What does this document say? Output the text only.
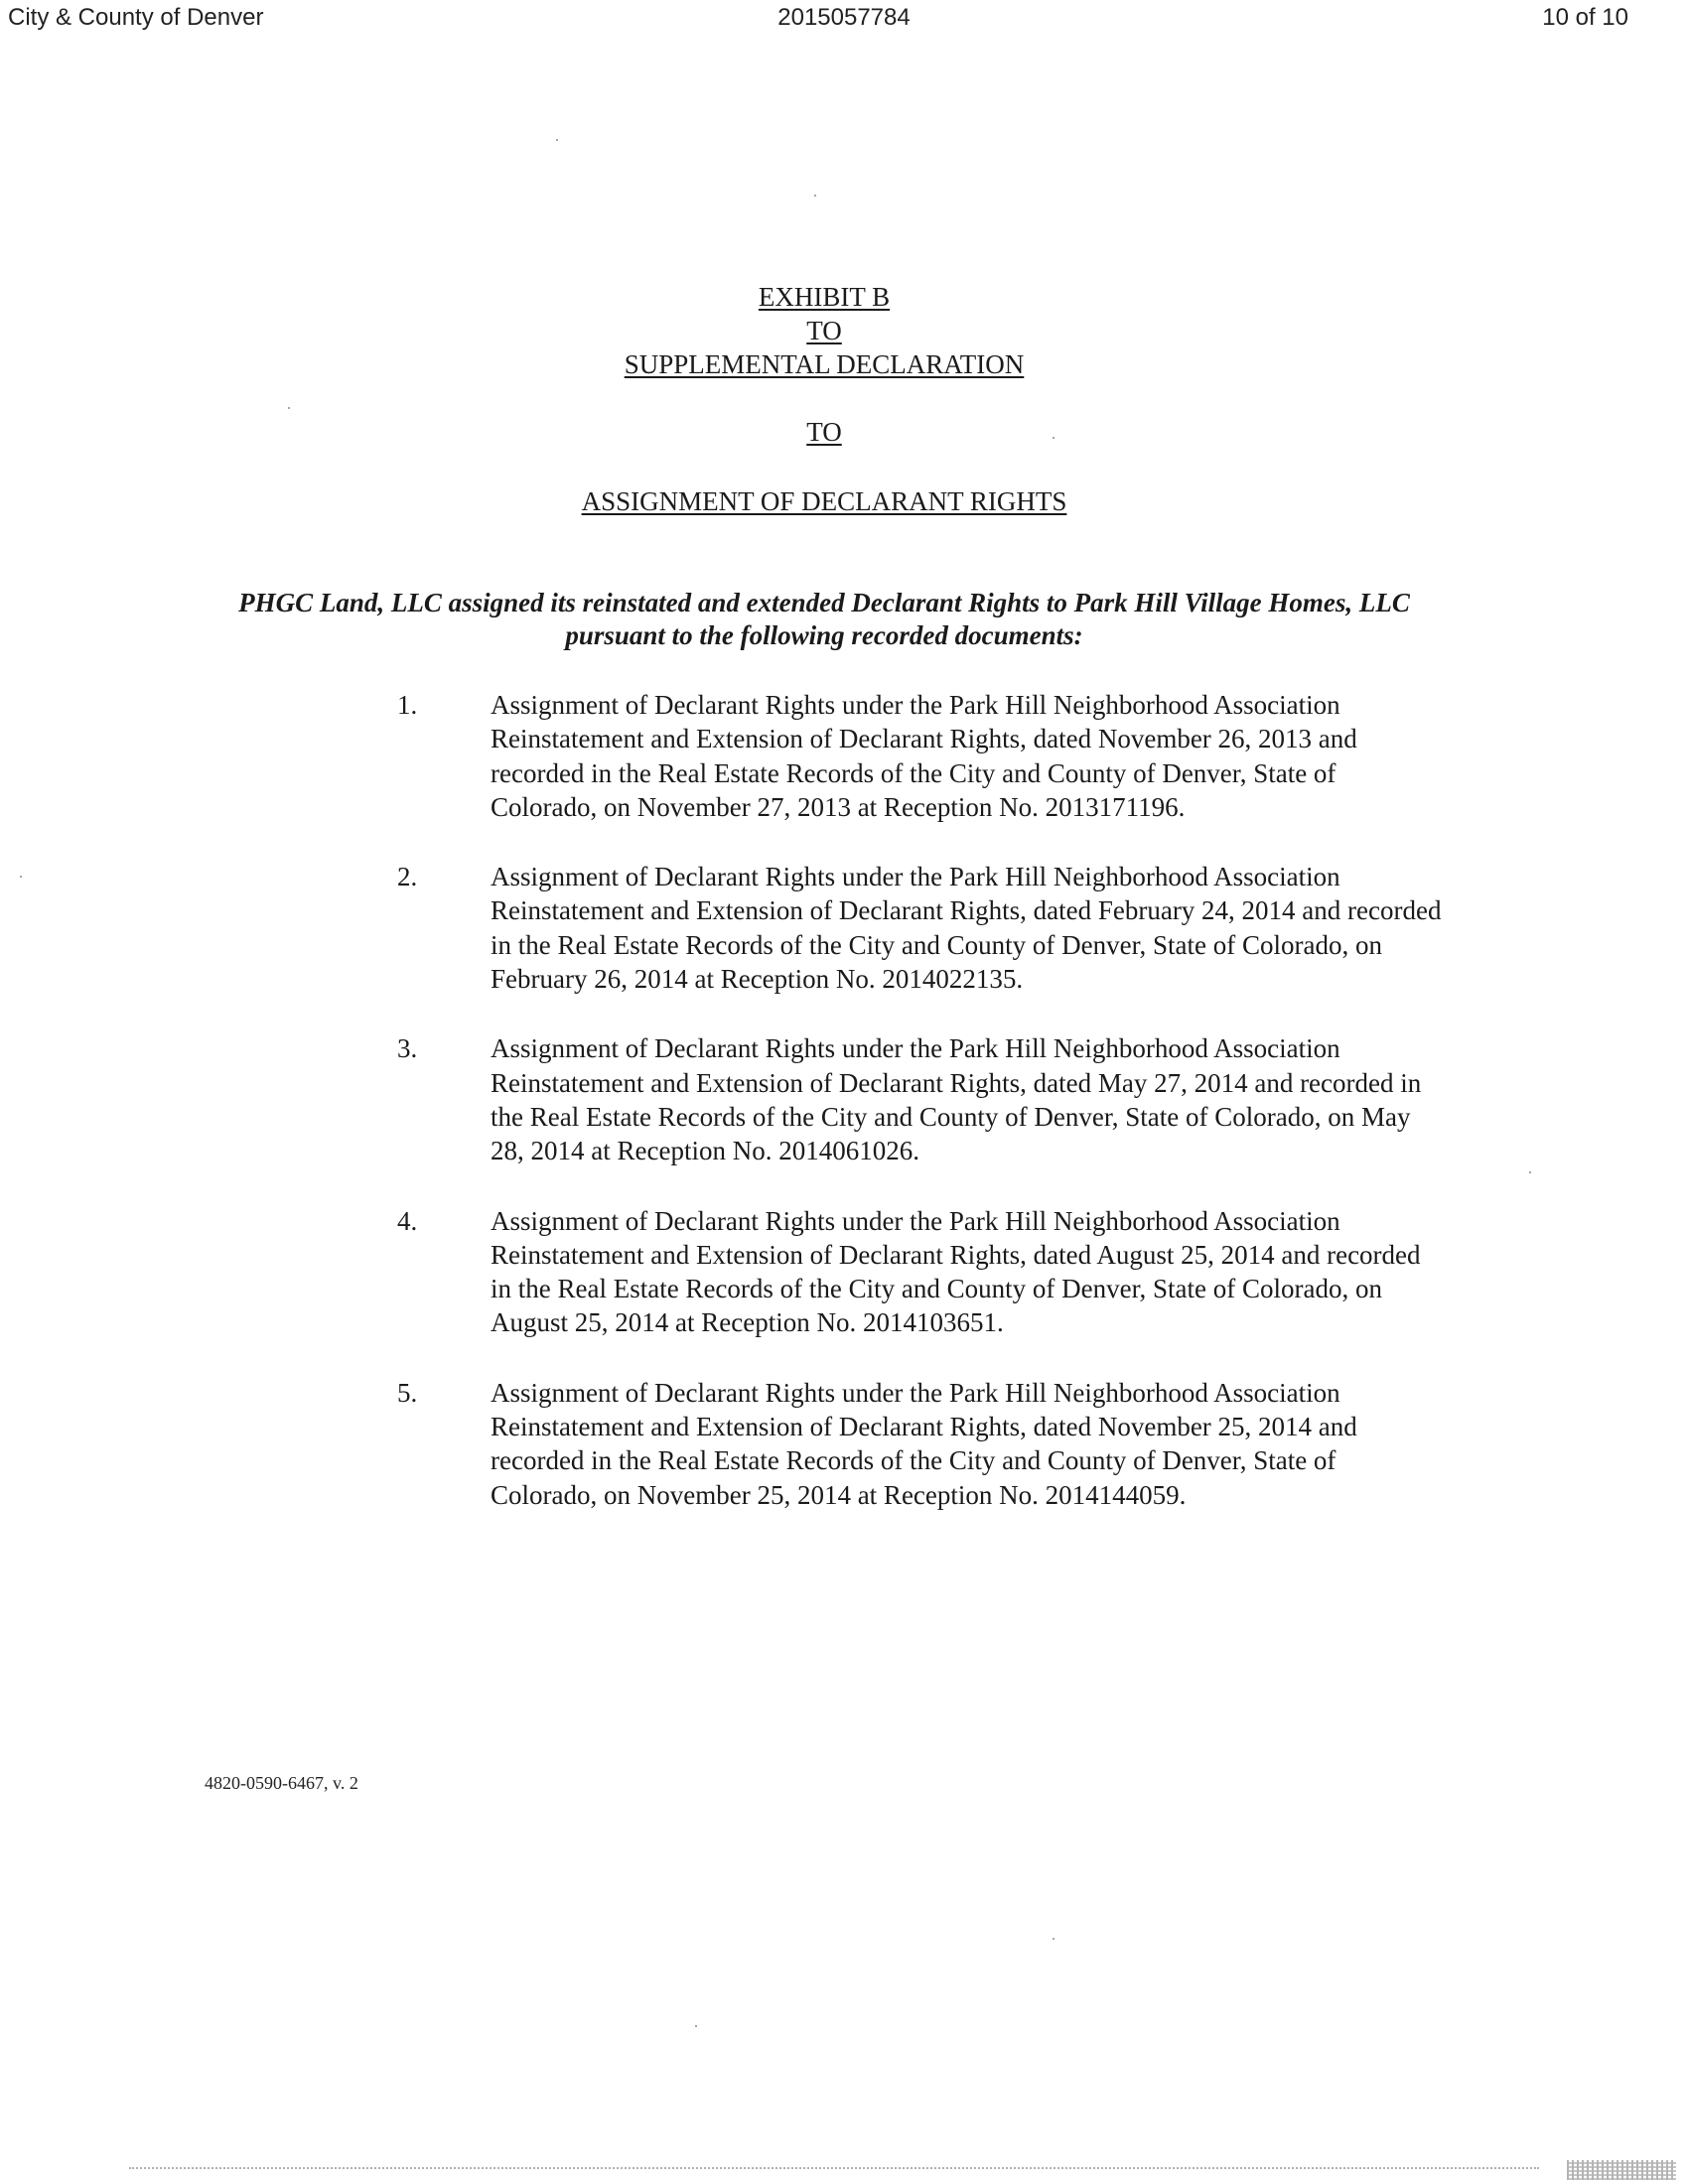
2015057784
City & County of Denver	10 of 10
EXHIBIT B
TO
SUPPLEMENTAL DECLARATION
TO
ASSIGNMENT OF DECLARANT RIGHTS
PHGC Land, LLC assigned its reinstated and extended Declarant Rights to Park Hill Village Homes, LLC pursuant to the following recorded documents:
1.	Assignment of Declarant Rights under the Park Hill Neighborhood Association Reinstatement and Extension of Declarant Rights, dated November 26, 2013 and recorded in the Real Estate Records of the City and County of Denver, State of Colorado, on November 27, 2013 at Reception No. 2013171196.
2.	Assignment of Declarant Rights under the Park Hill Neighborhood Association Reinstatement and Extension of Declarant Rights, dated February 24, 2014 and recorded in the Real Estate Records of the City and County of Denver, State of Colorado, on February 26, 2014 at Reception No. 2014022135.
3.	Assignment of Declarant Rights under the Park Hill Neighborhood Association Reinstatement and Extension of Declarant Rights, dated May 27, 2014 and recorded in the Real Estate Records of the City and County of Denver, State of Colorado, on May 28, 2014 at Reception No. 2014061026.
4.	Assignment of Declarant Rights under the Park Hill Neighborhood Association Reinstatement and Extension of Declarant Rights, dated August 25, 2014 and recorded in the Real Estate Records of the City and County of Denver, State of Colorado, on August 25, 2014 at Reception No. 2014103651.
5.	Assignment of Declarant Rights under the Park Hill Neighborhood Association Reinstatement and Extension of Declarant Rights, dated November 25, 2014 and recorded in the Real Estate Records of the City and County of Denver, State of Colorado, on November 25, 2014 at Reception No. 2014144059.
4820-0590-6467, v. 2
